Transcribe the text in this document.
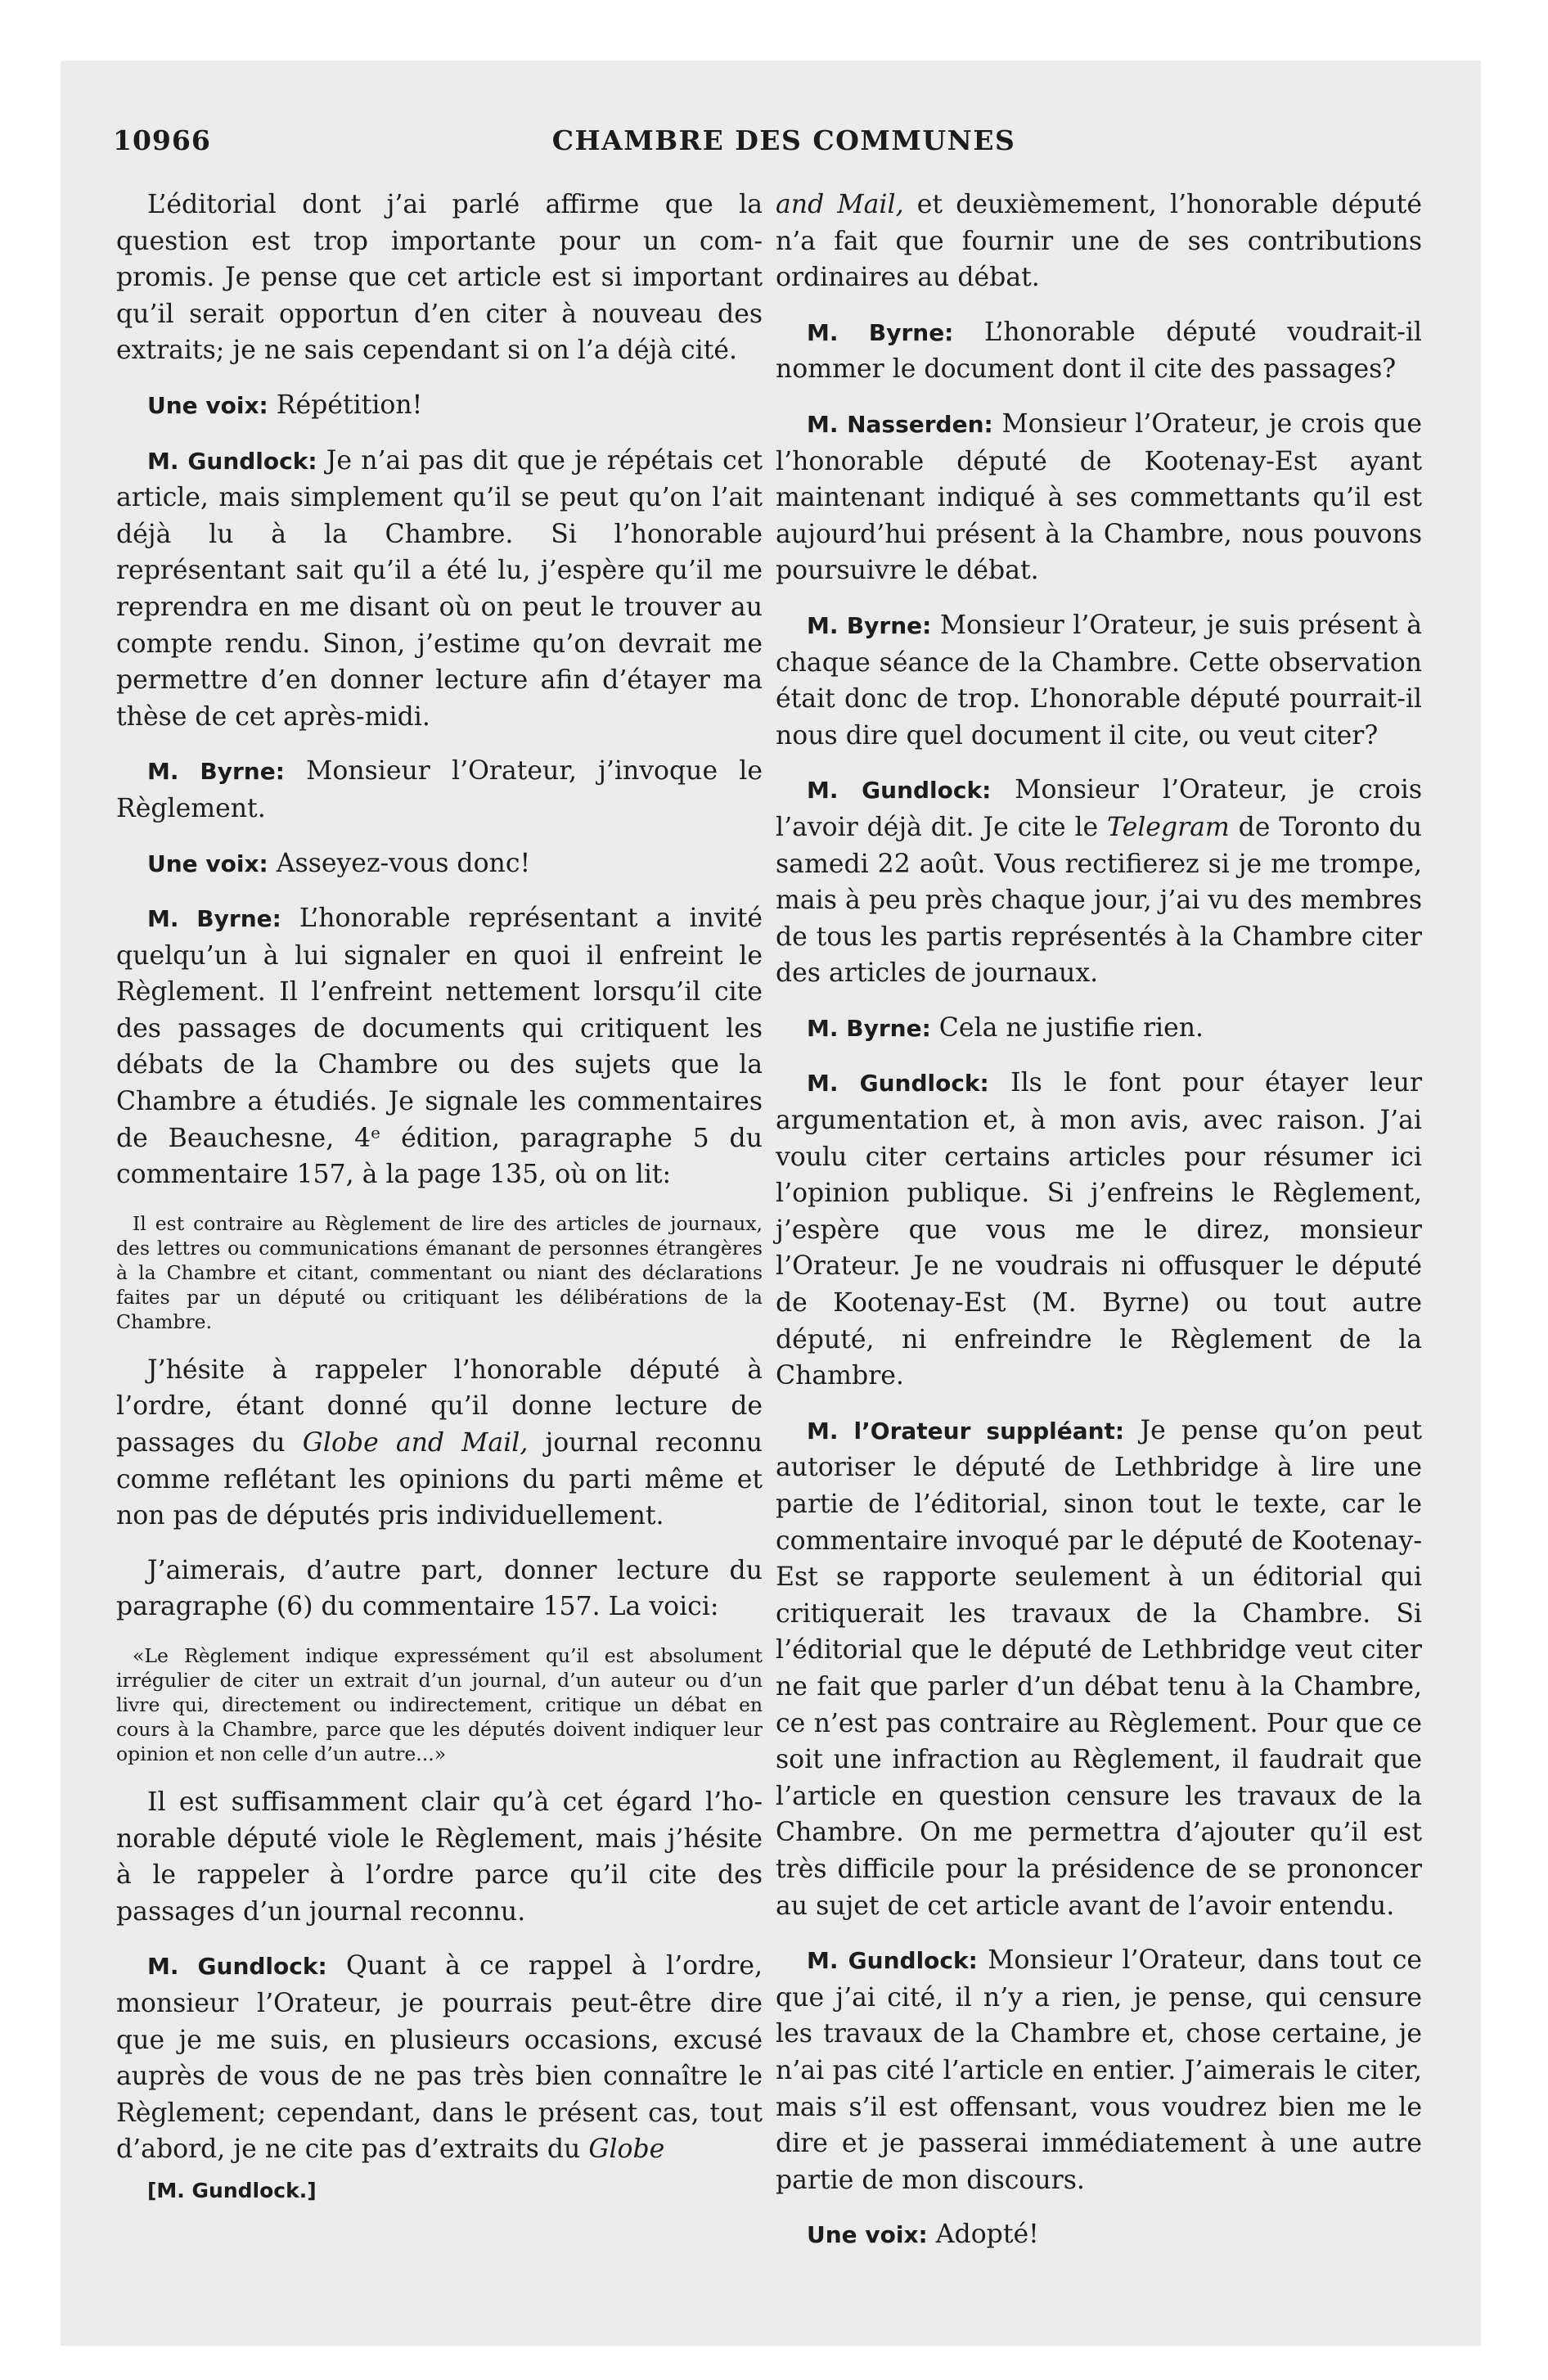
10966	CHAMBRE DES COMMUNES

L’éditorial dont j’ai parlé affirme que la question est trop importante pour un compromis. Je pense que cet article est si important qu’il serait opportun d’en citer à nouveau des extraits; je ne sais cependant si on l’a déjà cité.

Une voix: Répétition!

M. Gundlock: Je n’ai pas dit que je répétais cet article, mais simplement qu’il se peut qu’on l’ait déjà lu à la Chambre. Si l’honorable représentant sait qu’il a été lu, j’espère qu’il me reprendra en me disant où on peut le trouver au compte rendu. Sinon, j’estime qu’on devrait me permettre d’en donner lecture afin d’étayer ma thèse de cet après-midi.

M. Byrne: Monsieur l’Orateur, j’invoque le Règlement.

Une voix: Asseyez-vous donc!

M. Byrne: L’honorable représentant a invité quelqu’un à lui signaler en quoi il enfreint le Règlement. Il l’enfreint nettement lorsqu’il cite des passages de documents qui critiquent les débats de la Chambre ou des sujets que la Chambre a étudiés. Je signale les commentaires de Beauchesne, 4ᵉ édition, paragraphe 5 du commentaire 157, à la page 135, où on lit:

Il est contraire au Règlement de lire des articles de journaux, des lettres ou communications émanant de personnes étrangères à la Chambre et citant, commentant ou niant des déclarations faites par un député ou critiquant les délibérations de la Chambre.

J’hésite à rappeler l’honorable député à l’ordre, étant donné qu’il donne lecture de passages du Globe and Mail, journal reconnu comme reflétant les opinions du parti même et non pas de députés pris individuellement.

J’aimerais, d’autre part, donner lecture du paragraphe (6) du commentaire 157. La voici:

«Le Règlement indique expressément qu’il est absolument irrégulier de citer un extrait d’un journal, d’un auteur ou d’un livre qui, directement ou indirectement, critique un débat en cours à la Chambre, parce que les députés doivent indiquer leur opinion et non celle d’un autre...»

Il est suffisamment clair qu’à cet égard l’honorable député viole le Règlement, mais j’hésite à le rappeler à l’ordre parce qu’il cite des passages d’un journal reconnu.

M. Gundlock: Quant à ce rappel à l’ordre, monsieur l’Orateur, je pourrais peut-être dire que je me suis, en plusieurs occasions, excusé auprès de vous de ne pas très bien connaître le Règlement; cependant, dans le présent cas, tout d’abord, je ne cite pas d’extraits du Globe

[M. Gundlock.]

and Mail, et deuxièmement, l’honorable député n’a fait que fournir une de ses contributions ordinaires au débat.

M. Byrne: L’honorable député voudrait-il nommer le document dont il cite des passages?

M. Nasserden: Monsieur l’Orateur, je crois que l’honorable député de Kootenay-Est ayant maintenant indiqué à ses commettants qu’il est aujourd’hui présent à la Chambre, nous pouvons poursuivre le débat.

M. Byrne: Monsieur l’Orateur, je suis présent à chaque séance de la Chambre. Cette observation était donc de trop. L’honorable député pourrait-il nous dire quel document il cite, ou veut citer?

M. Gundlock: Monsieur l’Orateur, je crois l’avoir déjà dit. Je cite le Telegram de Toronto du samedi 22 août. Vous rectifierez si je me trompe, mais à peu près chaque jour, j’ai vu des membres de tous les partis représentés à la Chambre citer des articles de journaux.

M. Byrne: Cela ne justifie rien.

M. Gundlock: Ils le font pour étayer leur argumentation et, à mon avis, avec raison. J’ai voulu citer certains articles pour résumer ici l’opinion publique. Si j’enfreins le Règlement, j’espère que vous me le direz, monsieur l’Orateur. Je ne voudrais ni offusquer le député de Kootenay-Est (M. Byrne) ou tout autre député, ni enfreindre le Règlement de la Chambre.

M. l’Orateur suppléant: Je pense qu’on peut autoriser le député de Lethbridge à lire une partie de l’éditorial, sinon tout le texte, car le commentaire invoqué par le député de Kootenay-Est se rapporte seulement à un éditorial qui critiquerait les travaux de la Chambre. Si l’éditorial que le député de Lethbridge veut citer ne fait que parler d’un débat tenu à la Chambre, ce n’est pas contraire au Règlement. Pour que ce soit une infraction au Règlement, il faudrait que l’article en question censure les travaux de la Chambre. On me permettra d’ajouter qu’il est très difficile pour la présidence de se prononcer au sujet de cet article avant de l’avoir entendu.

M. Gundlock: Monsieur l’Orateur, dans tout ce que j’ai cité, il n’y a rien, je pense, qui censure les travaux de la Chambre et, chose certaine, je n’ai pas cité l’article en entier. J’aimerais le citer, mais s’il est offensant, vous voudrez bien me le dire et je passerai immédiatement à une autre partie de mon discours.

Une voix: Adopté!
